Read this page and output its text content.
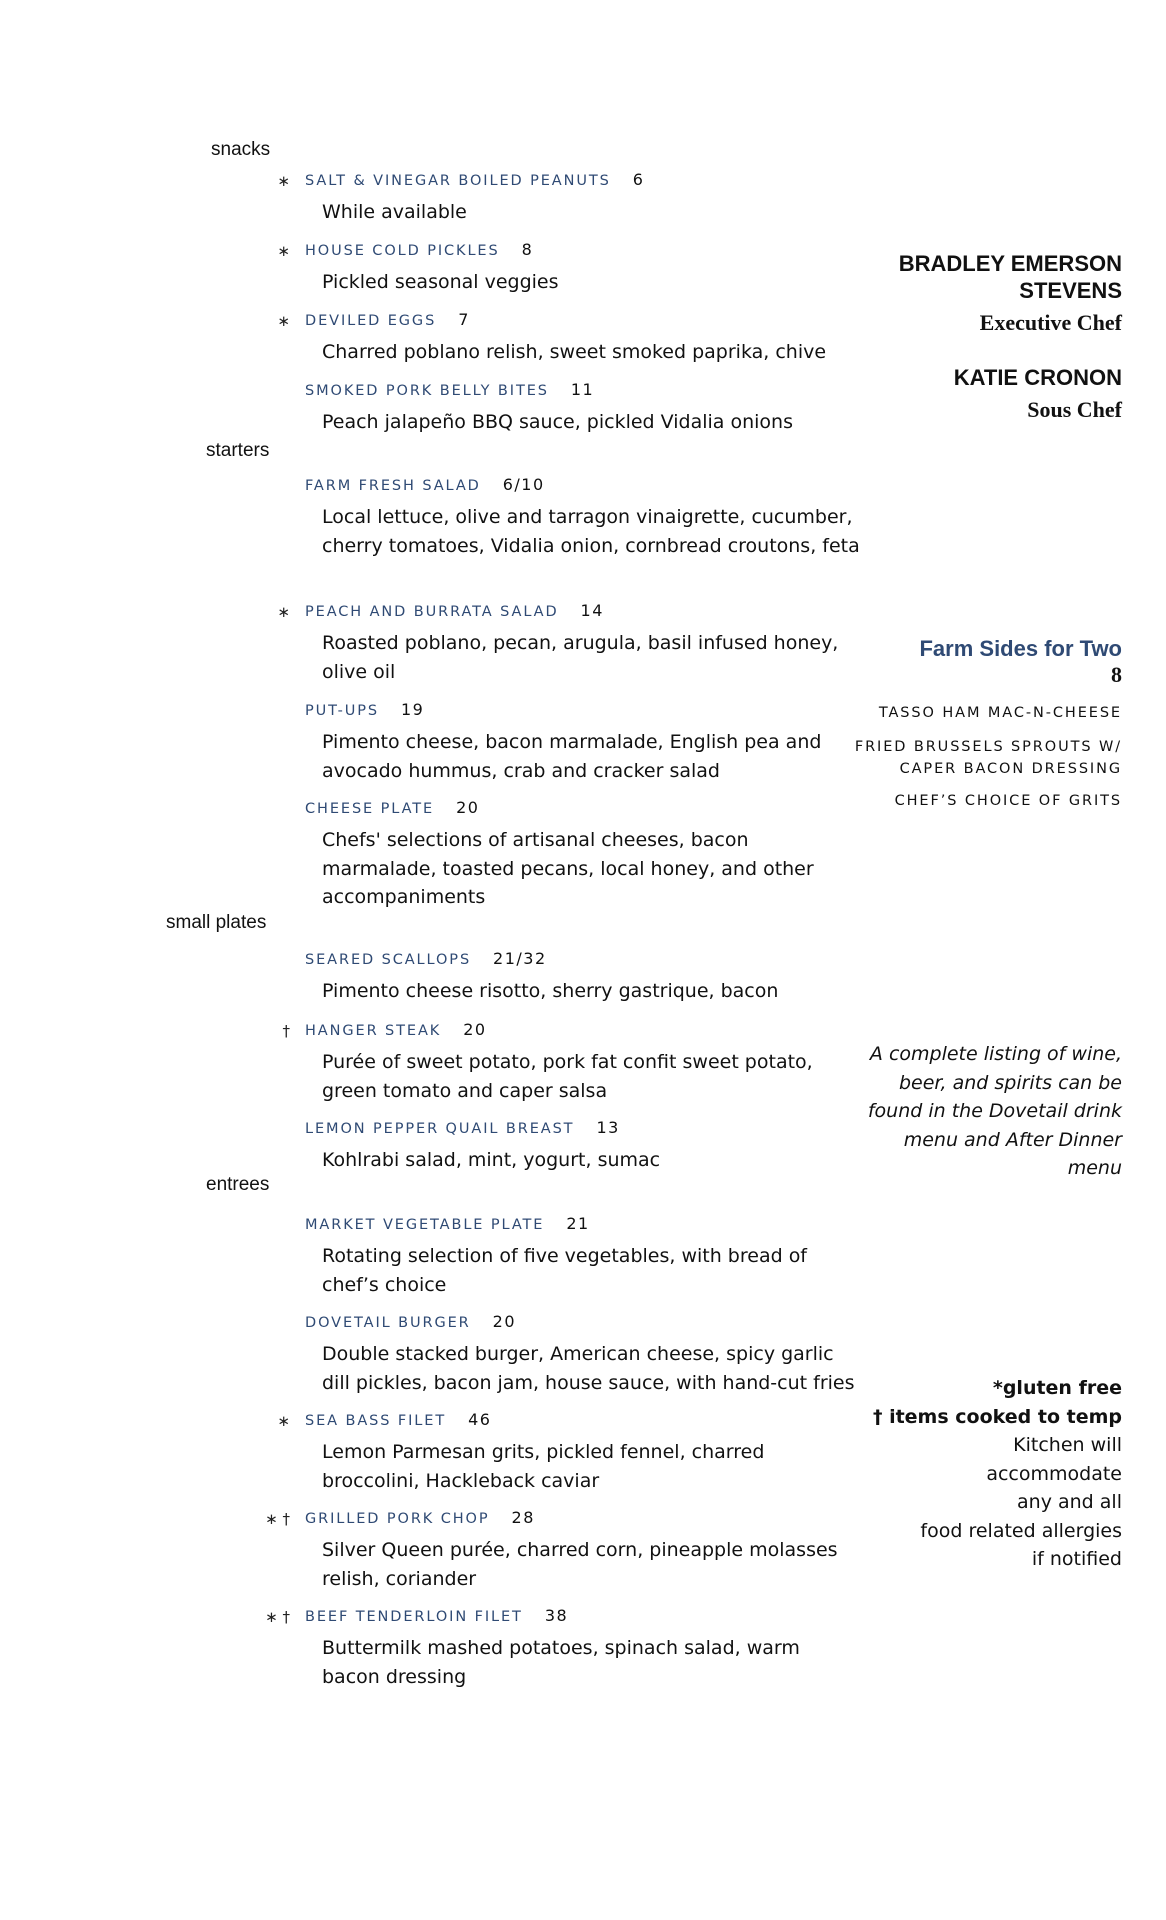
snacks
starters
small plates
entrees
∗ SALT & VINEGAR BOILED PEANUTS 6
While available
∗ HOUSE COLD PICKLES 8
Pickled seasonal veggies
∗ DEVILED EGGS 7
Charred poblano relish, sweet smoked paprika, chive
SMOKED PORK BELLY BITES 11
Peach jalapeño BBQ sauce, pickled Vidalia onions
FARM FRESH SALAD 6/10
Local lettuce, olive and tarragon vinaigrette, cucumber, cherry tomatoes, Vidalia onion, cornbread croutons, feta
∗ PEACH AND BURRATA SALAD 14
Roasted poblano, pecan, arugula, basil infused honey, olive oil
PUT-UPS 19
Pimento cheese, bacon marmalade, English pea and avocado hummus, crab and cracker salad
CHEESE PLATE 20
Chefs' selections of artisanal cheeses, bacon marmalade, toasted pecans, local honey, and other accompaniments
SEARED SCALLOPS 21/32
Pimento cheese risotto, sherry gastrique, bacon
† HANGER STEAK 20
Purée of sweet potato, pork fat confit sweet potato, green tomato and caper salsa
LEMON PEPPER QUAIL BREAST 13
Kohlrabi salad, mint, yogurt, sumac
MARKET VEGETABLE PLATE 21
Rotating selection of five vegetables, with bread of chef’s choice
DOVETAIL BURGER 20
Double stacked burger, American cheese, spicy garlic dill pickles, bacon jam, house sauce, with hand-cut fries
∗ SEA BASS FILET 46
Lemon Parmesan grits, pickled fennel, charred broccolini, Hackleback caviar
∗ † GRILLED PORK CHOP 28
Silver Queen purée, charred corn, pineapple molasses relish, coriander
∗ † BEEF TENDERLOIN FILET 38
Buttermilk mashed potatoes, spinach salad, warm bacon dressing
BRADLEY EMERSON STEVENS
Executive Chef
KATIE CRONON
Sous Chef
Farm Sides for Two
8
TASSO HAM MAC-N-CHEESE
FRIED BRUSSELS SPROUTS W/ CAPER BACON DRESSING
CHEF’S CHOICE OF GRITS
A complete listing of wine, beer, and spirits can be found in the Dovetail drink menu and After Dinner menu
*gluten free
† items cooked to temp
Kitchen will
accommodate
any and all
food related allergies
if notified
